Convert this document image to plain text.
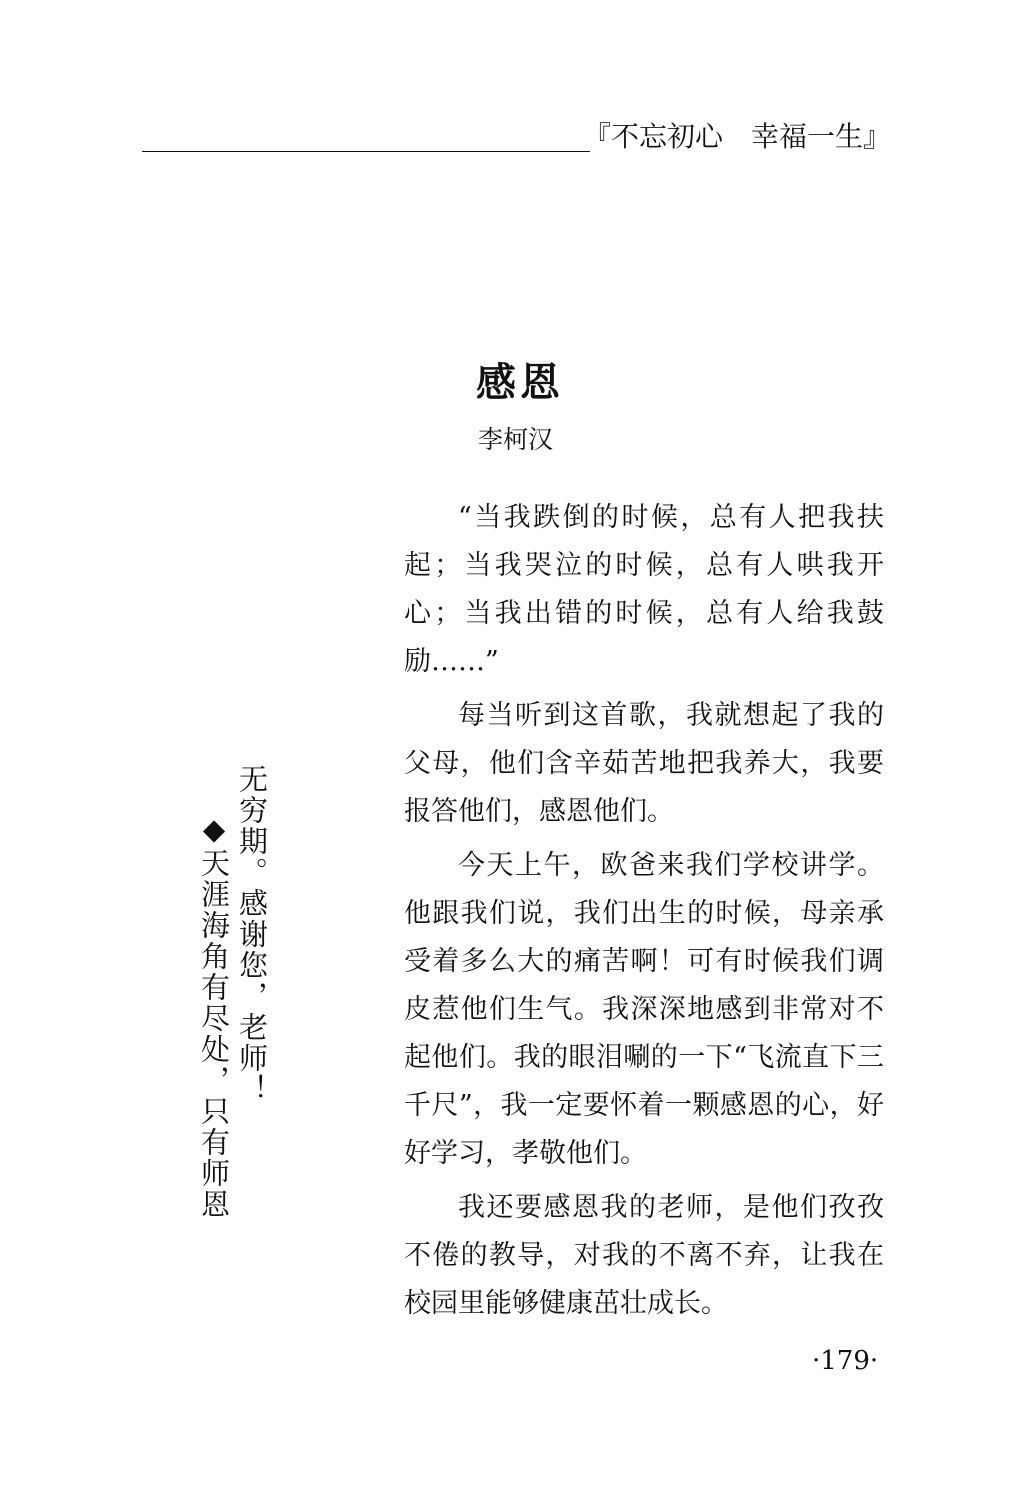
『不忘初心　幸福一生』
感恩
李柯汉

“当我跌倒的时候，总有人把我扶起；当我哭泣的时候，总有人哄我开心；当我出错的时候，总有人给我鼓励……”

每当听到这首歌，我就想起了我的父母，他们含辛茹苦地把我养大，我要报答他们，感恩他们。

今天上午，欧爸来我们学校讲学。他跟我们说，我们出生的时候，母亲承受着多么大的痛苦啊！可有时候我们调皮惹他们生气。我深深地感到非常对不起他们。我的眼泪唰的一下“飞流直下三千尺”，我一定要怀着一颗感恩的心，好好学习，孝敬他们。

我还要感恩我的老师，是他们孜孜不倦的教导，对我的不离不弃，让我在校园里能够健康茁壮成长。

无穷期。感谢您，老师！
◆天涯海角有尽处，只有师恩
·179·
